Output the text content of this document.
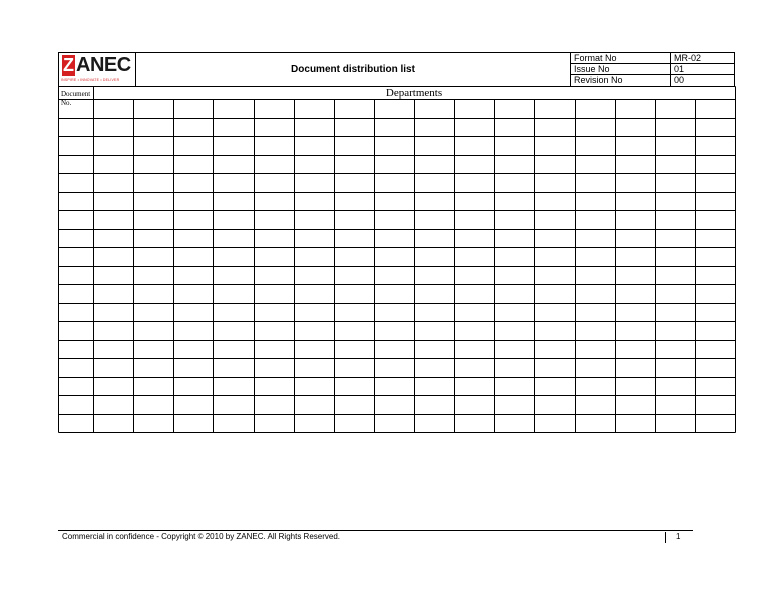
Z ANEC
INSPIRE • INNOVATE • DELIVER
Document distribution list
Format No	MR-02
Issue No	01
Revision No	00
Document No.
Departments
Commercial in confidence - Copyright © 2010 by ZANEC. All Rights Reserved.	1
